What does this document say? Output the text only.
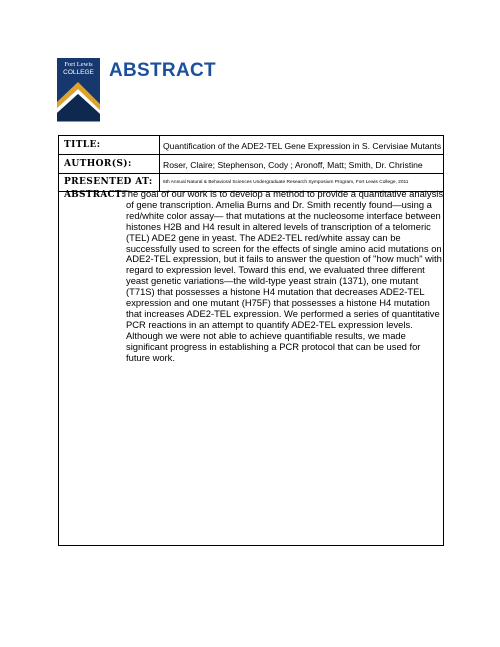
Fort Lewis
COLLEGE ABSTRACT
TITLE:	Quantification of the ADE2-TEL Gene Expression in S. Cervisiae Mutants
AUTHOR(S):	Roser, Claire; Stephenson, Cody ; Aronoff, Matt; Smith, Dr. Christine
PRESENTED AT: 6th Annual Natural & Behavioral Sciences Undergraduate Research Symposium Program, Fort Lewis College, 2011
ABSTRACT:
The goal of our work is to develop a method to provide a quantitative analysis of gene transcription. Amelia Burns and Dr. Smith recently found—using a red/white color assay— that mutations at the nucleosome interface between histones H2B and H4 result in altered levels of transcription of a telomeric (TEL) ADE2 gene in yeast. The ADE2-TEL red/white assay can be successfully used to screen for the effects of single amino acid mutations on ADE2-TEL expression, but it fails to answer the question of "how much" with regard to expression level. Toward this end, we evaluated three different yeast genetic variations—the wild-type yeast strain (1371), one mutant (T71S) that possesses a histone H4 mutation that decreases ADE2-TEL expression and one mutant (H75F) that possesses a histone H4 mutation that increases ADE2-TEL expression. We performed a series of quantitative PCR reactions in an attempt to quantify ADE2-TEL expression levels. Although we were not able to achieve quantifiable results, we made significant progress in establishing a PCR protocol that can be used for future work.
